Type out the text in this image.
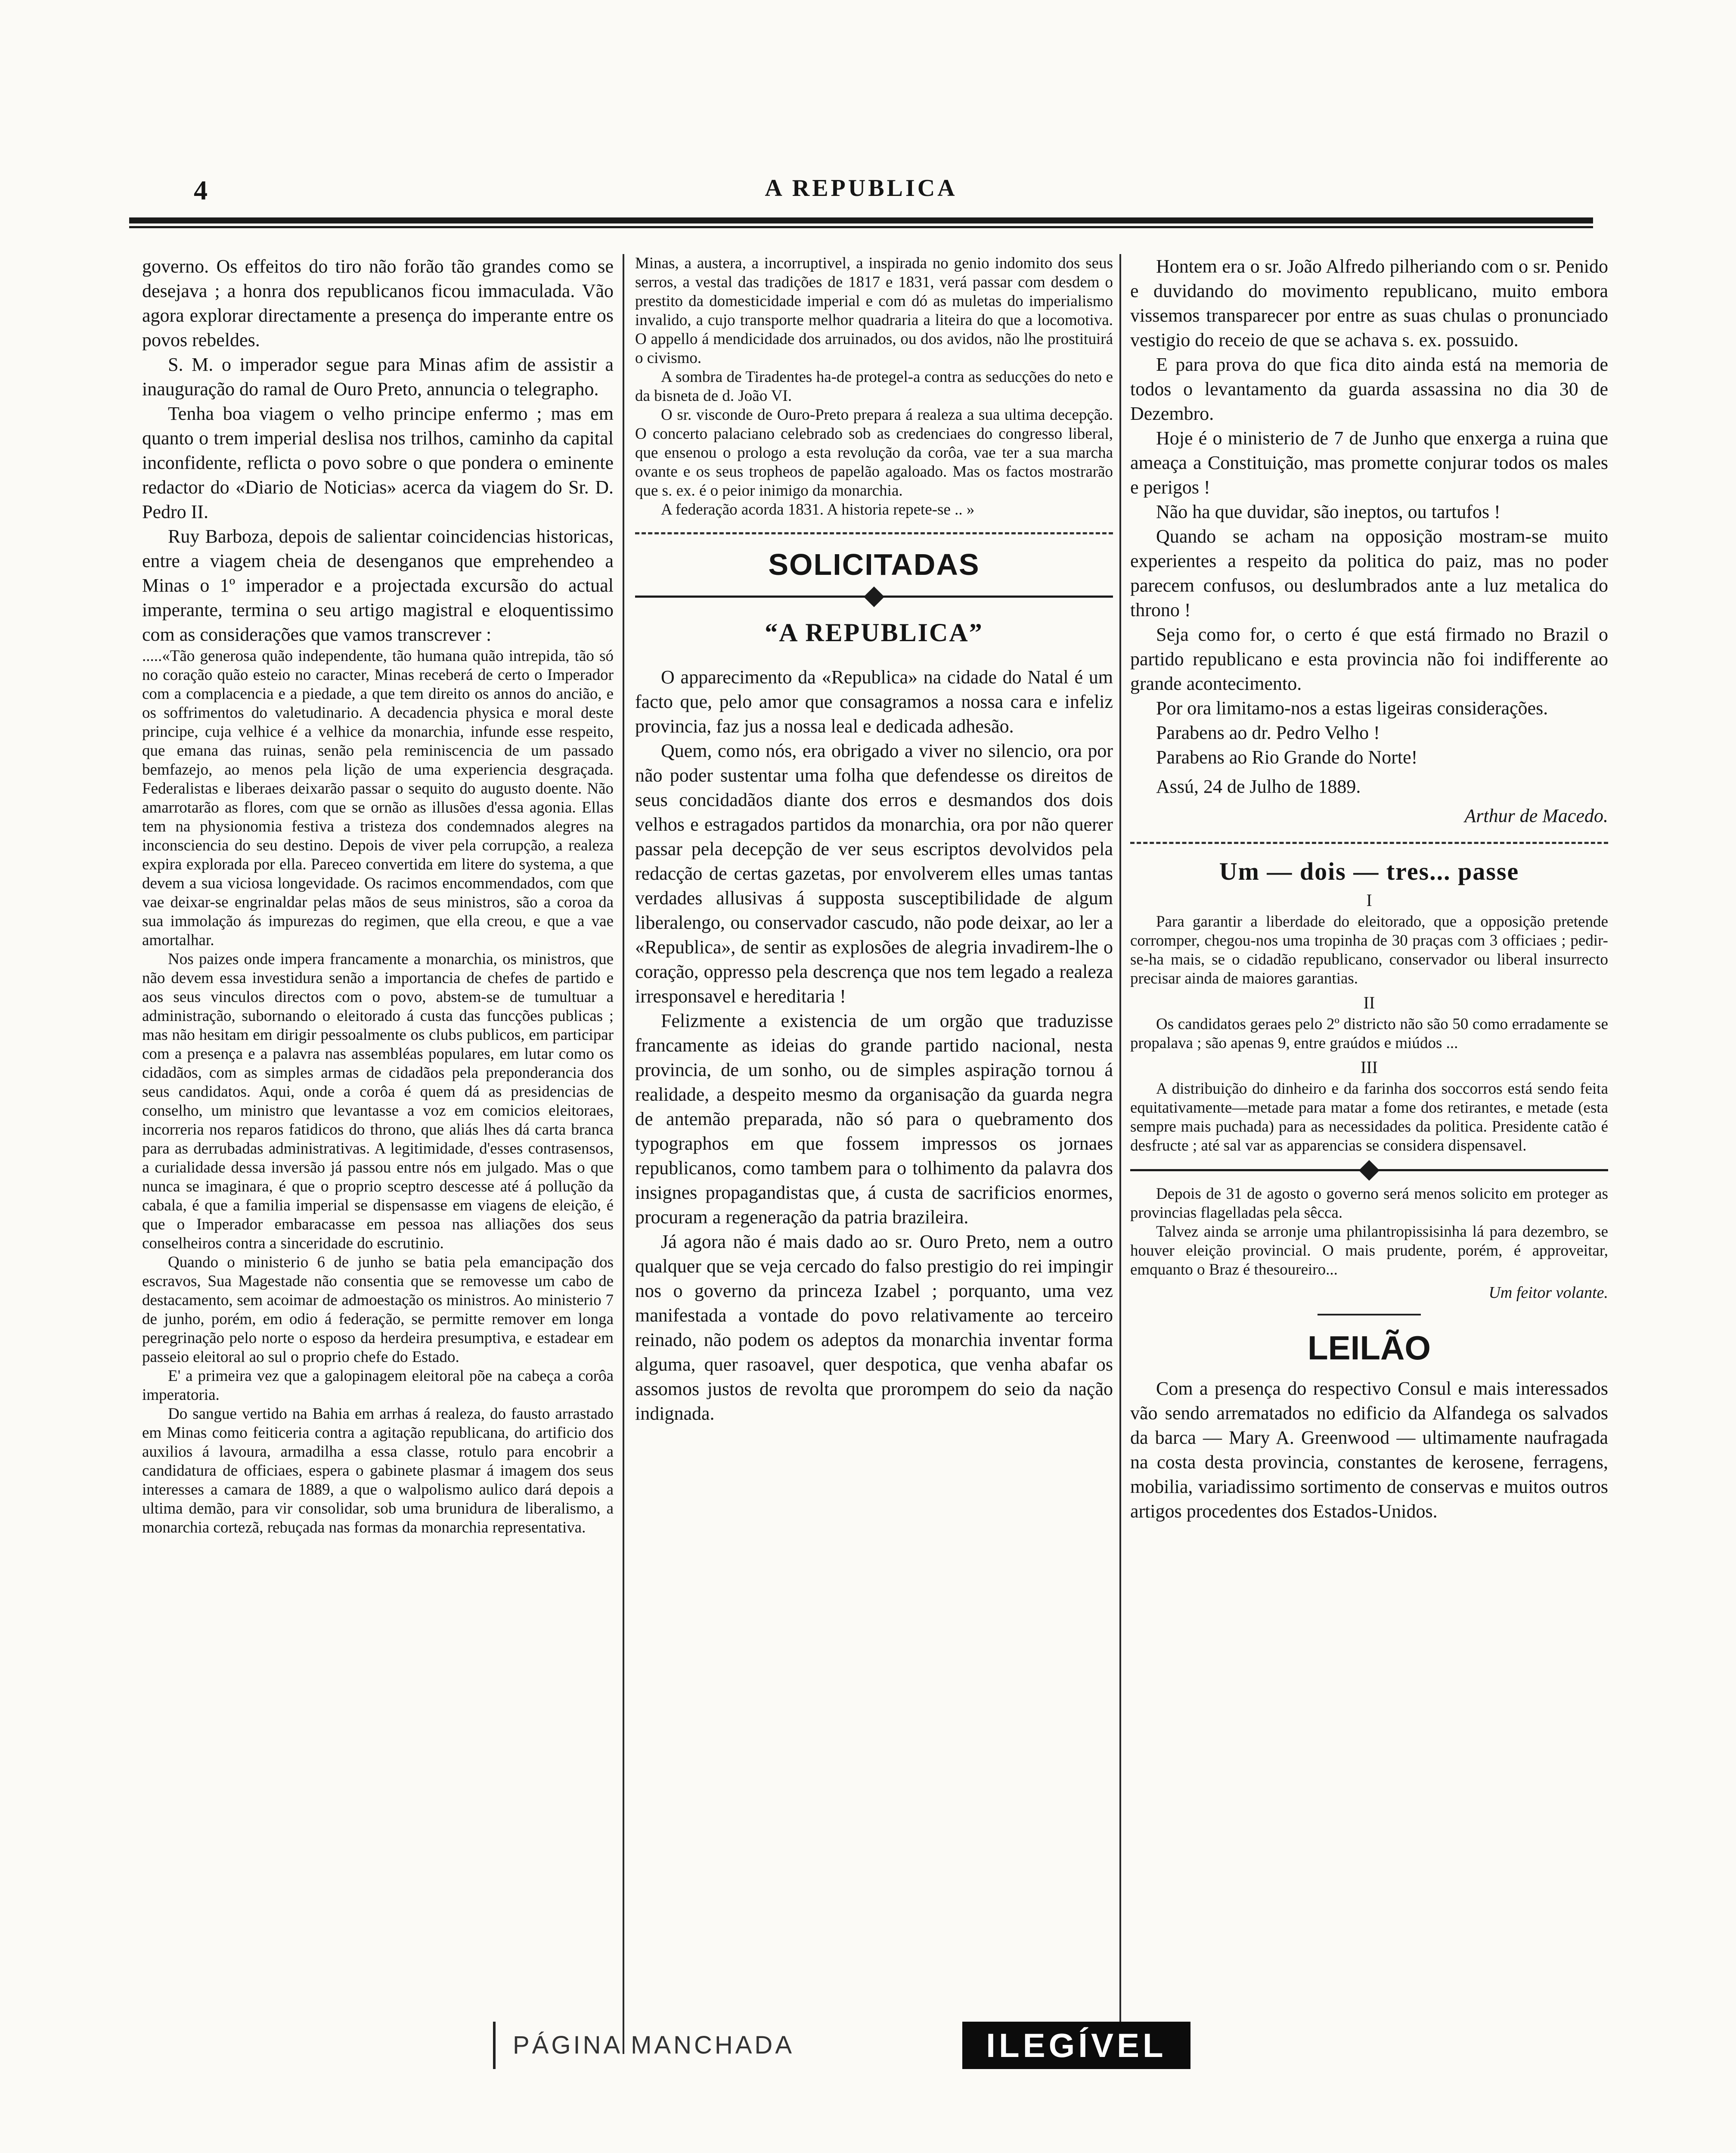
4	A REPUBLICA

governo. Os effeitos do tiro não forão tão grandes como se desejava ; a honra dos republicanos ficou immaculada. Vão agora explorar directamente a presença do imperante entre os povos rebeldes.

S. M. o imperador segue para Minas afim de assistir a inauguração do ramal de Ouro Preto, annuncia o telegrapho.

Tenha boa viagem o velho principe enfermo ; mas em quanto o trem imperial deslisa nos trilhos, caminho da capital inconfidente, reflicta o povo sobre o que pondera o eminente redactor do «Diario de Noticias» acerca da viagem do Sr. D. Pedro II.

Ruy Barboza, depois de salientar coincidencias historicas, entre a viagem cheia de desenganos que emprehendeo a Minas o 1º imperador e a projectada excursão do actual imperante, termina o seu artigo magistral e eloquentissimo com as considerações que vamos transcrever :

.....«Tão generosa quão independente, tão humana quão intrepida, tão só no coração quão esteio no caracter, Minas receberá de certo o Imperador com a complacencia e a piedade, a que tem direito os annos do ancião, e os soffrimentos do valetudinario. A decadencia physica e moral deste principe, cuja velhice é a velhice da monarchia, infunde esse respeito, que emana das ruinas, senão pela reminiscencia de um passado bemfazejo, ao menos pela lição de uma experiencia desgraçada. Federalistas e liberaes deixarão passar o sequito do augusto doente. Não amarrotarão as flores, com que se ornão as illusões d'essa agonia. Ellas tem na physionomia festiva a tristeza dos condemnados alegres na inconsciencia do seu destino. Depois de viver pela corrupção, a realeza expira explorada por ella. Pareceo convertida em litere do systema, a que devem a sua viciosa longevidade. Os racimos encommendados, com que vae deixar-se engrinaldar pelas mãos de seus ministros, são a coroa da sua immolação ás impurezas do regimen, que ella creou, e que a vae amortalhar.

Nos paizes onde impera francamente a monarchia, os ministros, que não devem essa investidura senão a importancia de chefes de partido e aos seus vinculos directos com o povo, abstem-se de tumultuar a administração, subornando o eleitorado á custa das funcções publicas ; mas não hesitam em dirigir pessoalmente os clubs publicos, em participar com a presença e a palavra nas assembléas populares, em lutar como os cidadãos, com as simples armas de cidadãos pela preponderancia dos seus candidatos. Aqui, onde a corôa é quem dá as presidencias de conselho, um ministro que levantasse a voz em comicios eleitoraes, incorreria nos reparos fatidicos do throno, que aliás lhes dá carta branca para as derrubadas administrativas. A legitimidade, d'esses contrasensos, a curialidade dessa inversão já passou entre nós em julgado. Mas o que nunca se imaginara, é que o proprio sceptro descesse até á pollução da cabala, é que a familia imperial se dispensasse em viagens de eleição, é que o Imperador embaracasse em pessoa nas alliações dos seus conselheiros contra a sinceridade do escrutinio.

Quando o ministerio 6 de junho se batia pela emancipação dos escravos, Sua Magestade não consentia que se removesse um cabo de destacamento, sem acoimar de admoestação os ministros. Ao ministerio 7 de junho, porém, em odio á federação, se permitte remover em longa peregrinação pelo norte o esposo da herdeira presumptiva, e estadear em passeio eleitoral ao sul o proprio chefe do Estado.

E' a primeira vez que a galopinagem eleitoral põe na cabeça a corôa imperatoria.

Do sangue vertido na Bahia em arrhas á realeza, do fausto arrastado em Minas como feiticeria contra a agitação republicana, do artificio dos auxilios á lavoura, armadilha a essa classe, rotulo para encobrir a candidatura de officiaes, espera o gabinete plasmar á imagem dos seus interesses a camara de 1889, a que o walpolismo aulico dará depois a ultima demão, para vir consolidar, sob uma brunidura de liberalismo, a monarchia cortezã, rebuçada nas formas da monarchia representativa.

Minas, a austera, a incorruptivel, a inspirada no genio indomito dos seus serros, a vestal das tradições de 1817 e 1831, verá passar com desdem o prestito da domesticidade imperial e com dó as muletas do imperialismo invalido, a cujo transporte melhor quadraria a liteira do que a locomotiva. O appello á mendicidade dos arruinados, ou dos avidos, não lhe prostituirá o civismo.

A sombra de Tiradentes ha-de protegel-a contra as seducções do neto e da bisneta de d. João VI.

O sr. visconde de Ouro-Preto prepara á realeza a sua ultima decepção. O concerto palaciano celebrado sob as credenciaes do congresso liberal, que ensenou o prologo a esta revolução da corôa, vae ter a sua marcha ovante e os seus tropheos de papelão agaloado. Mas os factos mostrarão que s. ex. é o peior inimigo da monarchia.

A federação acorda 1831. A historia repete-se .. »

SOLICITADAS
“A REPUBLICA”

O apparecimento da «Republica» na cidade do Natal é um facto que, pelo amor que consagramos a nossa cara e infeliz provincia, faz jus a nossa leal e dedicada adhesão.

Quem, como nós, era obrigado a viver no silencio, ora por não poder sustentar uma folha que defendesse os direitos de seus concidadãos diante dos erros e desmandos dos dois velhos e estragados partidos da monarchia, ora por não querer passar pela decepção de ver seus escriptos devolvidos pela redacção de certas gazetas, por envolverem elles umas tantas verdades allusivas á supposta susceptibilidade de algum liberalengo, ou conservador cascudo, não pode deixar, ao ler a «Republica», de sentir as explosões de alegria invadirem-lhe o coração, oppresso pela descrença que nos tem legado a realeza irresponsavel e hereditaria !

Felizmente a existencia de um orgão que traduzisse francamente as ideias do grande partido nacional, nesta provincia, de um sonho, ou de simples aspiração tornou á realidade, a despeito mesmo da organisação da guarda negra de antemão preparada, não só para o quebramento dos typographos em que fossem impressos os jornaes republicanos, como tambem para o tolhimento da palavra dos insignes propagandistas que, á custa de sacrificios enormes, procuram a regeneração da patria brazileira.

Já agora não é mais dado ao sr. Ouro Preto, nem a outro qualquer que se veja cercado do falso prestigio do rei impingir nos o governo da princeza Izabel ; porquanto, uma vez manifestada a vontade do povo relativamente ao terceiro reinado, não podem os adeptos da monarchia inventar forma alguma, quer rasoavel, quer despotica, que venha abafar os assomos justos de revolta que prorompem do seio da nação indignada.

Hontem era o sr. João Alfredo pilheriando com o sr. Penido e duvidando do movimento republicano, muito embora vissemos transparecer por entre as suas chulas o pronunciado vestigio do receio de que se achava s. ex. possuido.

E para prova do que fica dito ainda está na memoria de todos o levantamento da guarda assassina no dia 30 de Dezembro.

Hoje é o ministerio de 7 de Junho que enxerga a ruina que ameaça a Constituição, mas promette conjurar todos os males e perigos !

Não ha que duvidar, são ineptos, ou tartufos !

Quando se acham na opposição mostram-se muito experientes a respeito da politica do paiz, mas no poder parecem confusos, ou deslumbrados ante a luz metalica do throno !

Seja como for, o certo é que está firmado no Brazil o partido republicano e esta provincia não foi indifferente ao grande acontecimento.

Por ora limitamo-nos a estas ligeiras considerações.

Parabens ao dr. Pedro Velho !

Parabens ao Rio Grande do Norte!

Assú, 24 de Julho de 1889.

Arthur de Macedo.

Um — dois — tres... passe
I

Para garantir a liberdade do eleitorado, que a opposição pretende corromper, chegou-nos uma tropinha de 30 praças com 3 officiaes ; pedir-se-ha mais, se o cidadão republicano, conservador ou liberal insurrecto precisar ainda de maiores garantias.

II

Os candidatos geraes pelo 2º districto não são 50 como erradamente se propalava ; são apenas 9, entre graúdos e miúdos ...

III

A distribuição do dinheiro e da farinha dos soccorros está sendo feita equitativamente—metade para matar a fome dos retirantes, e metade (esta sempre mais puchada) para as necessidades da politica. Presidente catão é desfructe ; até sal var as apparencias se considera dispensavel.

Depois de 31 de agosto o governo será menos solicito em proteger as provincias flagelladas pela sêcca.

Talvez ainda se arronje uma philantropissisinha lá para dezembro, se houver eleição provincial. O mais prudente, porém, é approveitar, emquanto o Braz é thesoureiro...

Um feitor volante.

LEILÃO

Com a presença do respectivo Consul e mais interessados vão sendo arrematados no edificio da Alfandega os salvados da barca — Mary A. Greenwood — ultimamente naufragada na costa desta provincia, constantes de kerosene, ferragens, mobilia, variadissimo sortimento de conservas e muitos outros artigos procedentes dos Estados-Unidos.

PÁGINA MANCHADA	ILEGÍVEL
